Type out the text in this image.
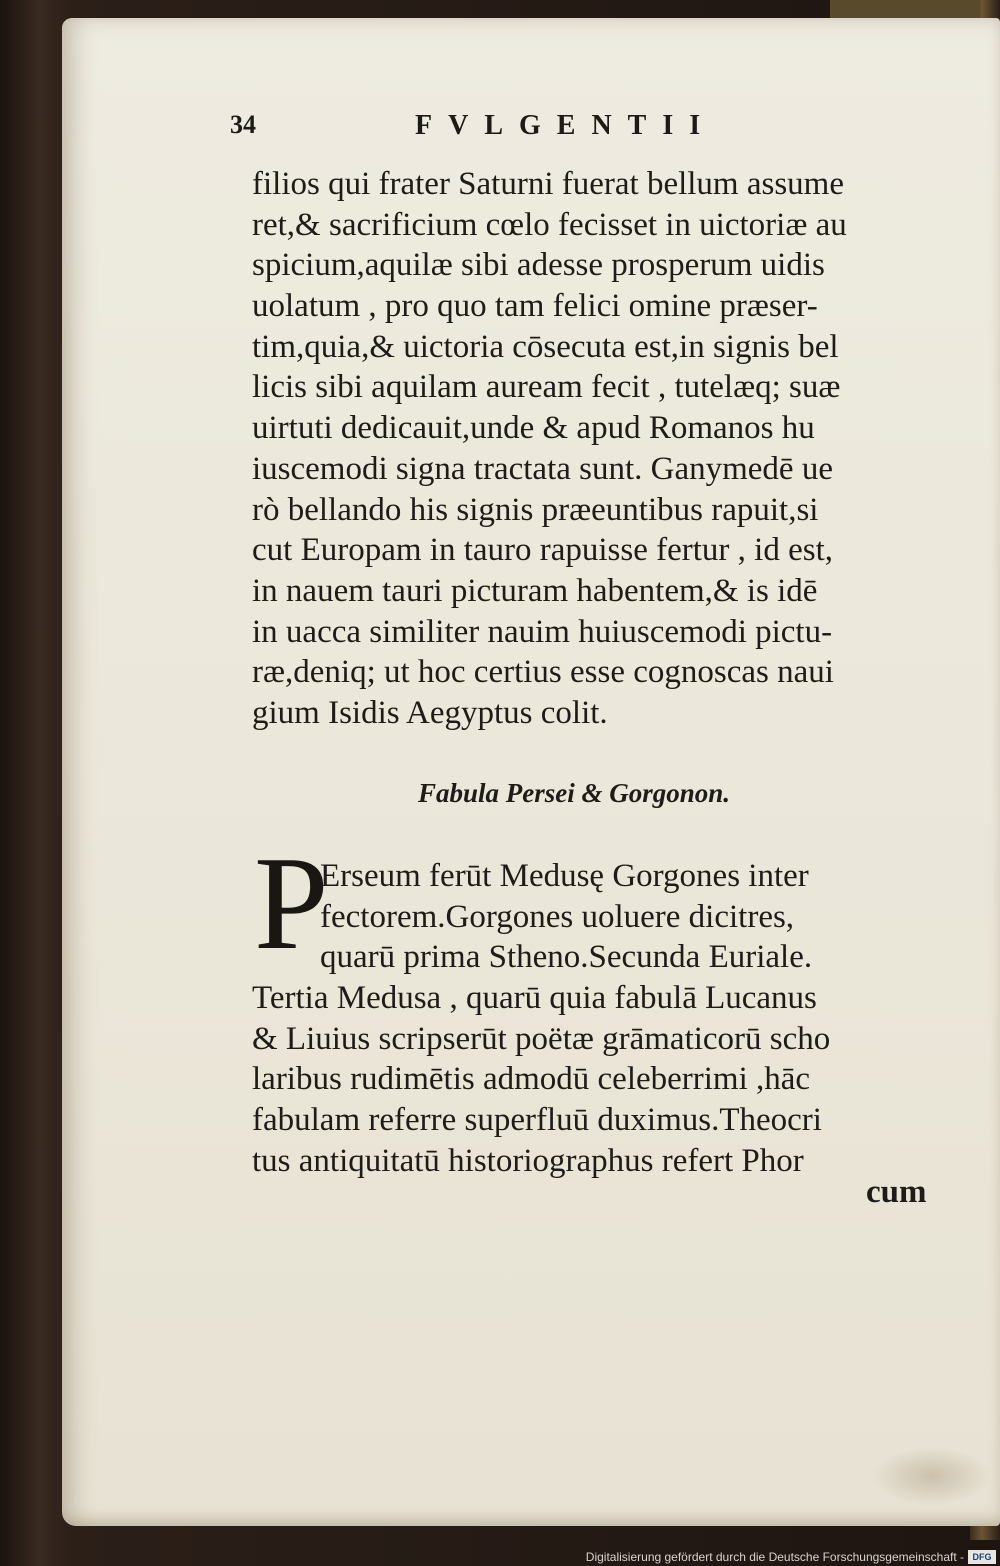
34	FVLGENTII
filios qui frater Saturni fuerat bellum assume
ret,& sacrificium cœlo fecisset in uictoriæ au
spicium,aquilæ sibi adesse prosperum uidis
uolatum , pro quo tam felici omine præser-
tim,quia,& uictoria cōsecuta est,in signis bel
licis sibi aquilam auream fecit , tutelæq; suæ
uirtuti dedicauit,unde & apud Romanos hu
iuscemodi signa tractata sunt. Ganymedē ue
rò bellando his signis præeuntibus rapuit,si
cut Europam in tauro rapuisse fertur , id est,
in nauem tauri picturam habentem,& is idē
in uacca similiter nauim huiuscemodi pictu-
ræ,deniq; ut hoc certius esse cognoscas naui
gium Isidis Aegyptus colit.
Fabula Persei & Gorgonon.
P
Erseum ferūt Medusę Gorgones inter
fectorem.Gorgones uoluere dicitres,
quarū prima Stheno.Secunda Euriale.
Tertia Medusa , quarū quia fabulā Lucanus
& Liuius scripserūt poëtæ grāmaticorū scho
laribus rudimētis admodū celeberrimi ,hāc
fabulam referre superfluū duximus.Theocri
tus antiquitatū historiographus refert Phor
cum
Digitalisierung gefördert durch die Deutsche Forschungsgemeinschaft - DFG
